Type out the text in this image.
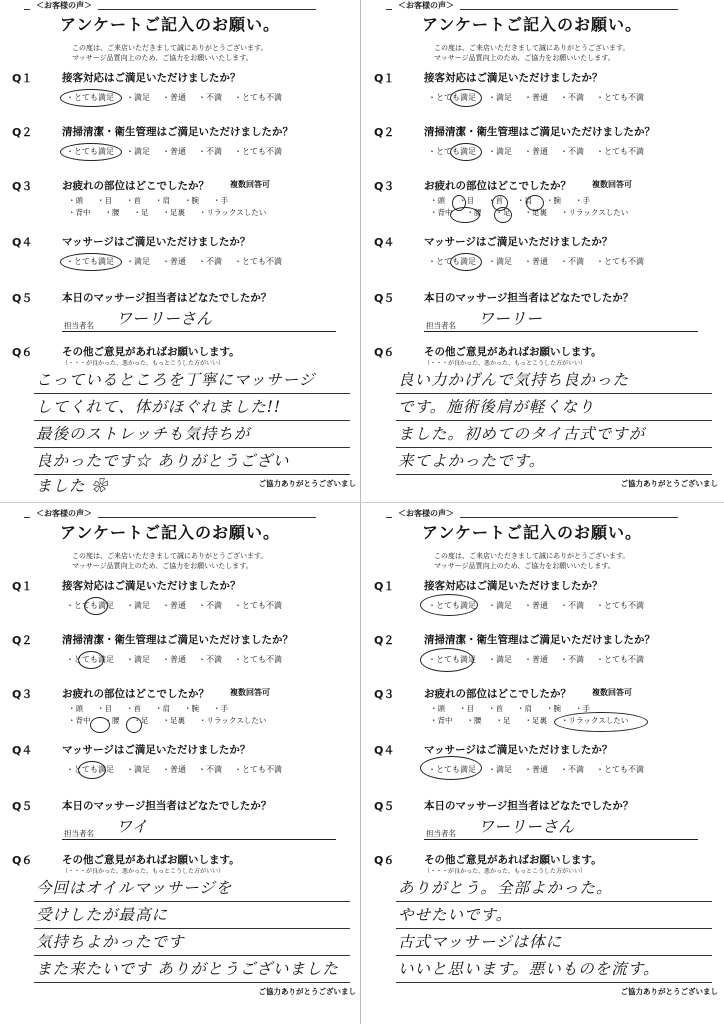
＜お客様の声＞
アンケートご記入のお願い。
この度は、ご来店いただきまして誠にありがとうございます。
マッサージ品質向上のため、ご協力をお願いいたします。
Q１	接客対応はご満足いただけましたか？
・とても満足 ・満足 ・普通 ・不満 ・とても不満
Q２	清掃清潔・衛生管理はご満足いただけましたか？
・とても満足 ・満足 ・普通 ・不満 ・とても不満
Q３	お疲れの部位はどこでしたか？	複数回答可
・頭 ・目 ・首 ・肩 ・腕 ・手
・背中 ・腰 ・足 ・足裏 ・リラックスしたい
Q４	マッサージはご満足いただけましたか？
・とても満足 ・満足 ・普通 ・不満 ・とても不満
Q５	本日のマッサージ担当者はどなたでしたか？
担当者名 ワーリーさん
Q６	その他ご意見があればお願いします。
（・・・が良かった、悪かった、もっとこうした方がいい）
こっているところを丁寧にマッサージ
してくれて、体がほぐれました!!
最後のストレッチも気持ちが
良かったです☆ ありがとうござい
ました ❀	ご協力ありがとうございまし
＜お客様の声＞
アンケートご記入のお願い。
この度は、ご来店いただきまして誠にありがとうございます。
マッサージ品質向上のため、ご協力をお願いいたします。
Q１	接客対応はご満足いただけましたか？
・とても満足 ・満足 ・普通 ・不満 ・とても不満
Q２	清掃清潔・衛生管理はご満足いただけましたか？
・とても満足 ・満足 ・普通 ・不満 ・とても不満
Q３	お疲れの部位はどこでしたか？	複数回答可
・頭 ・目 ・首 ・肩 ・腕 ・手
・背中 ・腰 ・足 ・足裏 ・リラックスしたい
Q４	マッサージはご満足いただけましたか？
・とても満足 ・満足 ・普通 ・不満 ・とても不満
Q５	本日のマッサージ担当者はどなたでしたか？
担当者名 ワーリー
Q６	その他ご意見があればお願いします。
（・・・が良かった、悪かった、もっとこうした方がいい）
良い力かげんで気持ち良かった
です。施術後肩が軽くなり
ました。初めてのタイ古式ですが
来てよかったです。
ご協力ありがとうございまし
＜お客様の声＞
アンケートご記入のお願い。
この度は、ご来店いただきまして誠にありがとうございます。
マッサージ品質向上のため、ご協力をお願いいたします。
Q１	接客対応はご満足いただけましたか？
・とても満足 ・満足 ・普通 ・不満 ・とても不満
Q２	清掃清潔・衛生管理はご満足いただけましたか？
・とても満足 ・満足 ・普通 ・不満 ・とても不満
Q３	お疲れの部位はどこでしたか？	複数回答可
・頭 ・目 ・首 ・肩 ・腕 ・手
・背中 ・腰 ・足 ・足裏 ・リラックスしたい
Q４	マッサージはご満足いただけましたか？
・とても満足 ・満足 ・普通 ・不満 ・とても不満
Q５	本日のマッサージ担当者はどなたでしたか？
担当者名 ワイ
Q６	その他ご意見があればお願いします。
（・・・が良かった、悪かった、もっとこうした方がいい）
今回はオイルマッサージを
受けしたが最高に
気持ちよかったです
また来たいです ありがとうございました
ご協力ありがとうございまし
＜お客様の声＞
アンケートご記入のお願い。
この度は、ご来店いただきまして誠にありがとうございます。
マッサージ品質向上のため、ご協力をお願いいたします。
Q１	接客対応はご満足いただけましたか？
・とても満足 ・満足 ・普通 ・不満 ・とても不満
Q２	清掃清潔・衛生管理はご満足いただけましたか？
・とても満足 ・満足 ・普通 ・不満 ・とても不満
Q３	お疲れの部位はどこでしたか？	複数回答可
・頭 ・目 ・首 ・肩 ・腕 ・手
・背中 ・腰 ・足 ・足裏 ・リラックスしたい
Q４	マッサージはご満足いただけましたか？
・とても満足 ・満足 ・普通 ・不満 ・とても不満
Q５	本日のマッサージ担当者はどなたでしたか？
担当者名 ワーリーさん
Q６	その他ご意見があればお願いします。
（・・・が良かった、悪かった、もっとこうした方がいい）
ありがとう。全部よかった。
やせたいです。
古式マッサージは体に
いいと思います。悪いものを流す。
ご協力ありがとうございまし
